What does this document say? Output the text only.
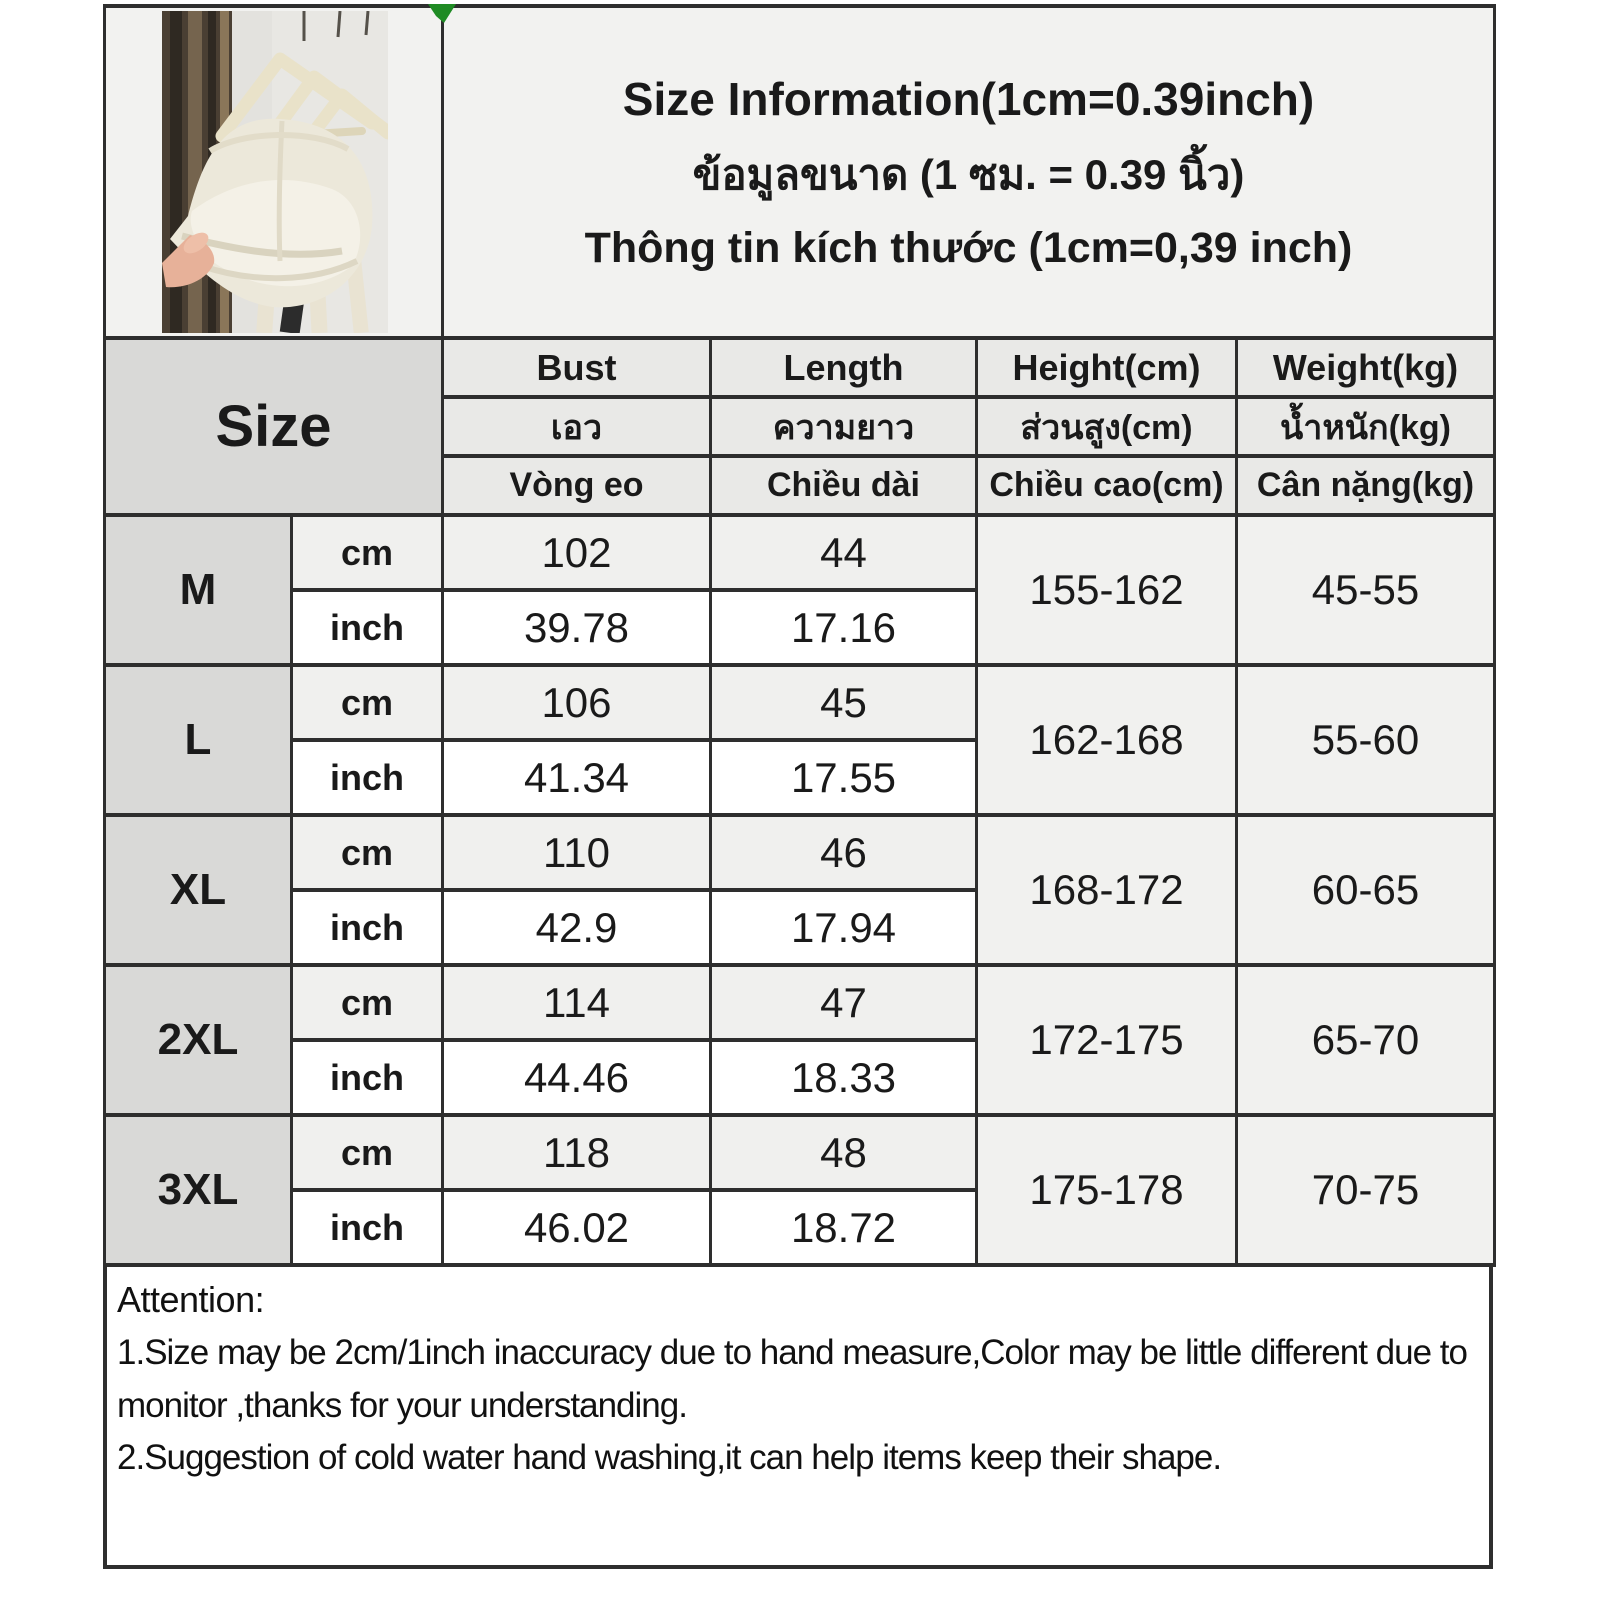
Size Information(1cm=0.39inch)
ข้อมูลขนาด (1 ซม. = 0.39 นิ้ว)
Thông tin kích thước (1cm=0,39 inch)			

Size		Bust	Length	Height(cm)	Weight(kg)
		เอว	ความยาว	ส่วนสูง(cm)	น้ำหนัก(kg)
		Vòng eo	Chiều dài	Chiều cao(cm)	Cân nặng(kg)
M	cm	102	44	155-162	45-55
	inch	39.78	17.16		
L	cm	106	45	162-168	55-60
	inch	41.34	17.55		
XL	cm	110	46	168-172	60-65
	inch	42.9	17.94		
2XL	cm	114	47	172-175	65-70
	inch	44.46	18.33		
3XL	cm	118	48	175-178	70-75
	inch	46.02	18.72		

Attention:

1.Size may be 2cm/1inch inaccuracy due to hand measure,Color may be little different due to monitor ,thanks for your understanding.

2.Suggestion of cold water hand washing,it can help items keep their shape.
